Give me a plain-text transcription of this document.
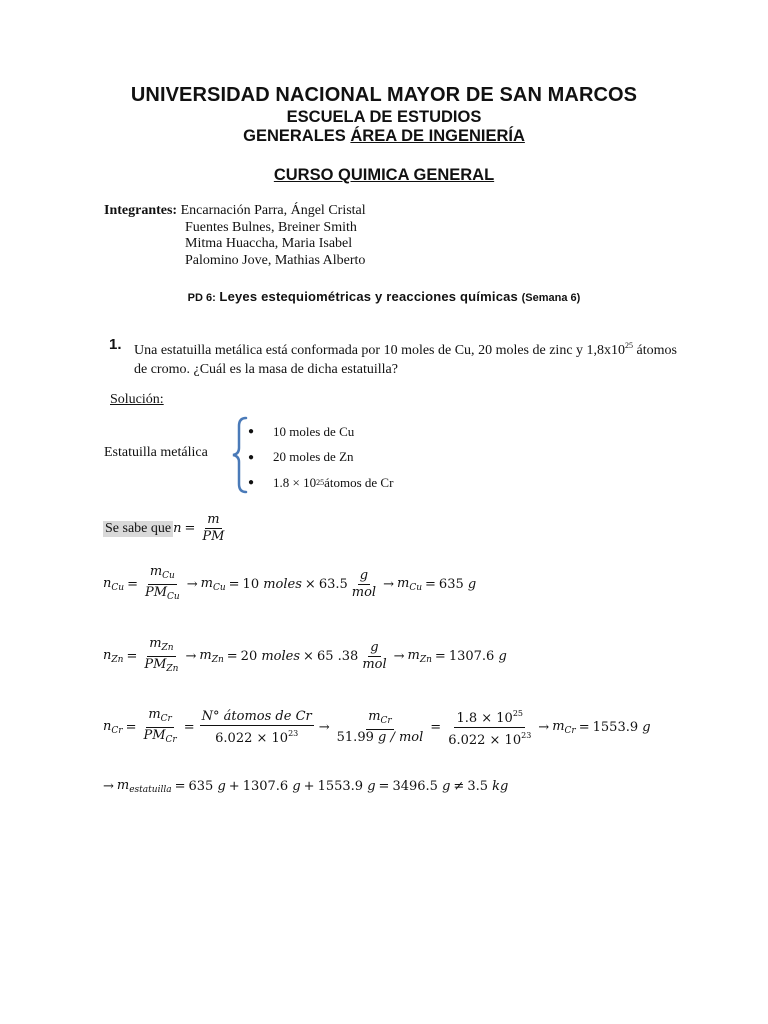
UNIVERSIDAD NACIONAL MAYOR DE SAN MARCOS
ESCUELA DE ESTUDIOS
GENERALES ÁREA DE INGENIERÍA
CURSO QUIMICA GENERAL
Integrantes: Encarnación Parra, Ángel Cristal
Fuentes Bulnes, Breiner Smith
Mitma Huaccha, Maria Isabel
Palomino Jove, Mathias Alberto
PD 6: Leyes estequiométricas y reacciones químicas (Semana 6)
1. Una estatuilla metálica está conformada por 10 moles de Cu, 20 moles de zinc y $1,8x10^{25}$ átomos de cromo. ¿Cuál es la masa de dicha estatuilla?
Solución:
Estatuilla metálica
●	10 moles de Cu
●	20 moles de Zn
●	1.8 × 10 25 átomos de Cr
Se sabe que $n = \frac{m}{PM}$
$n_{Cu} = \frac{m_{Cu}}{PM_{Cu}} \to m_{Cu} = 10$
moles × $63.5 \frac{g}{\text{mol}} \to m_{Cu} = 635$
g
$n_{Zn} = \frac{m_{Zn}}{PM_{Zn}} \to m_{Zn} = 20$
moles × 65 $.38 \frac{g}{\text{mol}} \to m_{Zn} = 1307.6$
g
$n_{Cr} = \frac{m_{Cr}}{PM_{Cr}} = \frac{\text{N° átomos de Cr}}{6.022 \times 10^{23}} \to \frac{m_{Cr}}{\text{51.99 g / mol}} = \frac{1.8 \times 10^{25}}{6.022 \times 10^{23}} \to m_{Cr} = 1553.9$
g
→ $m_{estatuilla} = 635$
g + 1307.6
g + 1553.9
g = 3496.5
g ≠ 3.5
kg
